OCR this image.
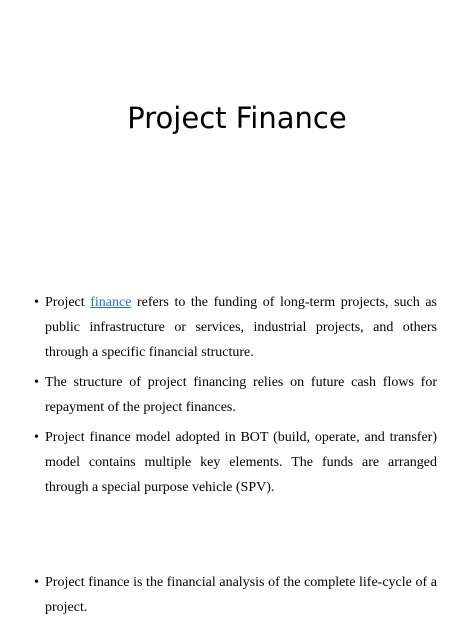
Project Finance
• Project finance refers to the funding of long-term projects, such as public infrastructure or services, industrial projects, and others through a specific financial structure.
• The structure of project financing relies on future cash flows for repayment of the project finances.
• Project finance model adopted in BOT (build, operate, and transfer) model contains multiple key elements. The funds are arranged through a special purpose vehicle (SPV).
• Project finance is the financial analysis of the complete life-cycle of a project.
